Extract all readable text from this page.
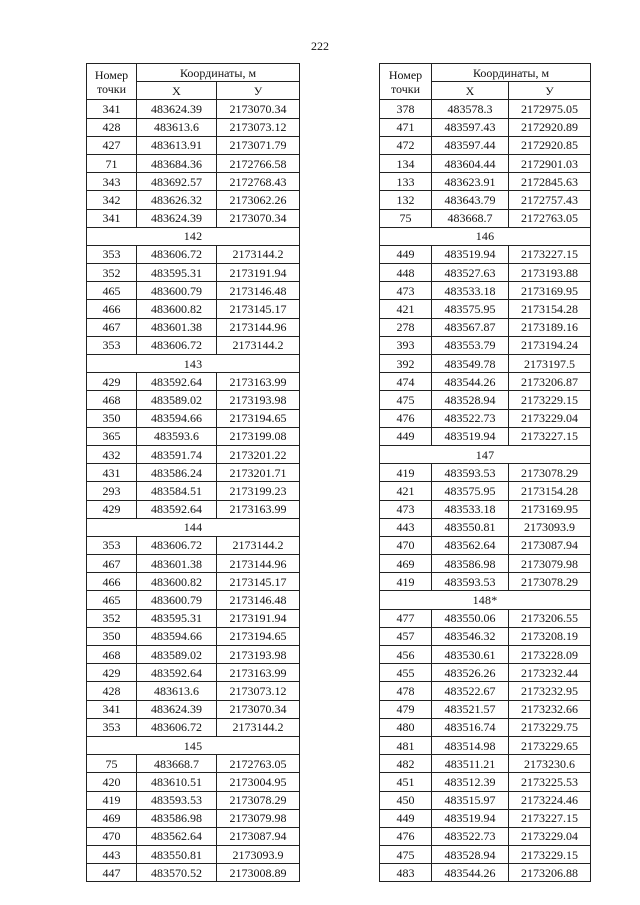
222
Номер
точки	Координаты, м	
	Х	У
341	483624.39	2173070.34
428	483613.6	2173073.12
427	483613.91	2173071.79
71	483684.36	2172766.58
343	483692.57	2172768.43
342	483626.32	2173062.26
341	483624.39	2173070.34
142		
353	483606.72	2173144.2
352	483595.31	2173191.94
465	483600.79	2173146.48
466	483600.82	2173145.17
467	483601.38	2173144.96
353	483606.72	2173144.2
143		
429	483592.64	2173163.99
468	483589.02	2173193.98
350	483594.66	2173194.65
365	483593.6	2173199.08
432	483591.74	2173201.22
431	483586.24	2173201.71
293	483584.51	2173199.23
429	483592.64	2173163.99
144		
353	483606.72	2173144.2
467	483601.38	2173144.96
466	483600.82	2173145.17
465	483600.79	2173146.48
352	483595.31	2173191.94
350	483594.66	2173194.65
468	483589.02	2173193.98
429	483592.64	2173163.99
428	483613.6	2173073.12
341	483624.39	2173070.34
353	483606.72	2173144.2
145		
75	483668.7	2172763.05
420	483610.51	2173004.95
419	483593.53	2173078.29
469	483586.98	2173079.98
470	483562.64	2173087.94
443	483550.81	2173093.9
447	483570.52	2173008.89
Номер
точки	Координаты, м	
	Х	У
378	483578.3	2172975.05
471	483597.43	2172920.89
472	483597.44	2172920.85
134	483604.44	2172901.03
133	483623.91	2172845.63
132	483643.79	2172757.43
75	483668.7	2172763.05
146		
449	483519.94	2173227.15
448	483527.63	2173193.88
473	483533.18	2173169.95
421	483575.95	2173154.28
278	483567.87	2173189.16
393	483553.79	2173194.24
392	483549.78	2173197.5
474	483544.26	2173206.87
475	483528.94	2173229.15
476	483522.73	2173229.04
449	483519.94	2173227.15
147		
419	483593.53	2173078.29
421	483575.95	2173154.28
473	483533.18	2173169.95
443	483550.81	2173093.9
470	483562.64	2173087.94
469	483586.98	2173079.98
419	483593.53	2173078.29
148*		
477	483550.06	2173206.55
457	483546.32	2173208.19
456	483530.61	2173228.09
455	483526.26	2173232.44
478	483522.67	2173232.95
479	483521.57	2173232.66
480	483516.74	2173229.75
481	483514.98	2173229.65
482	483511.21	2173230.6
451	483512.39	2173225.53
450	483515.97	2173224.46
449	483519.94	2173227.15
476	483522.73	2173229.04
475	483528.94	2173229.15
483	483544.26	2173206.88
